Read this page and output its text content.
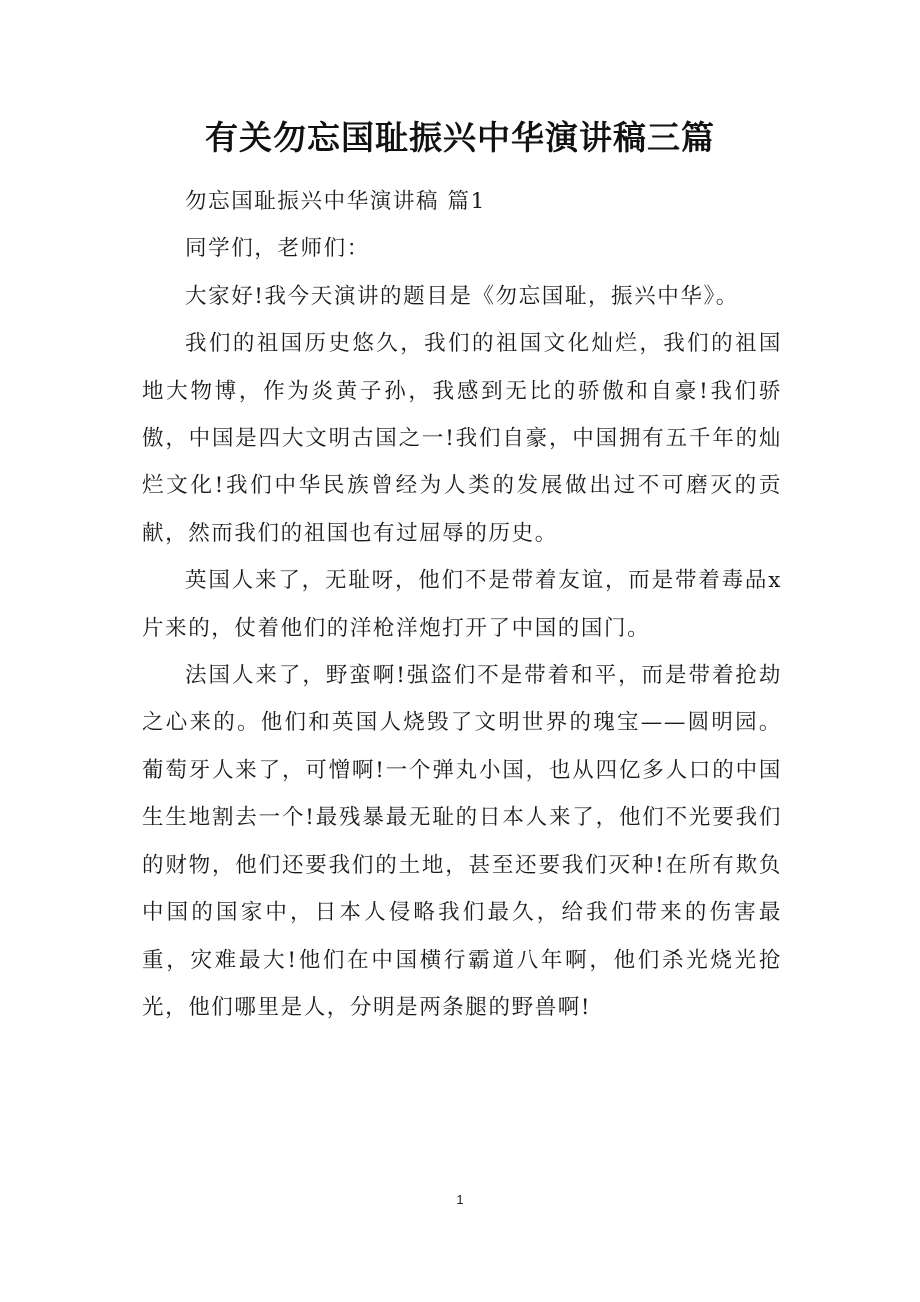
有关勿忘国耻振兴中华演讲稿三篇

勿忘国耻振兴中华演讲稿 篇1

同学们，老师们：

大家好!我今天演讲的题目是《勿忘国耻，振兴中华》。

我们的祖国历史悠久，我们的祖国文化灿烂，我们的祖国地大物博，作为炎黄子孙，我感到无比的骄傲和自豪!我们骄傲，中国是四大文明古国之一!我们自豪，中国拥有五千年的灿烂文化!我们中华民族曾经为人类的发展做出过不可磨灭的贡献，然而我们的祖国也有过屈辱的历史。

英国人来了，无耻呀，他们不是带着友谊，而是带着毒品x片来的，仗着他们的洋枪洋炮打开了中国的国门。

法国人来了，野蛮啊!强盗们不是带着和平，而是带着抢劫之心来的。他们和英国人烧毁了文明世界的瑰宝——圆明园。 葡萄牙人来了，可憎啊!一个弹丸小国，也从四亿多人口的中国生生地割去一个!最残暴最无耻的日本人来了，他们不光要我们的财物，他们还要我们的土地，甚至还要我们灭种!在所有欺负中国的国家中，日本人侵略我们最久，给我们带来的伤害最重，灾难最大!他们在中国横行霸道八年啊，他们杀光烧光抢光，他们哪里是人，分明是两条腿的野兽啊!

1
